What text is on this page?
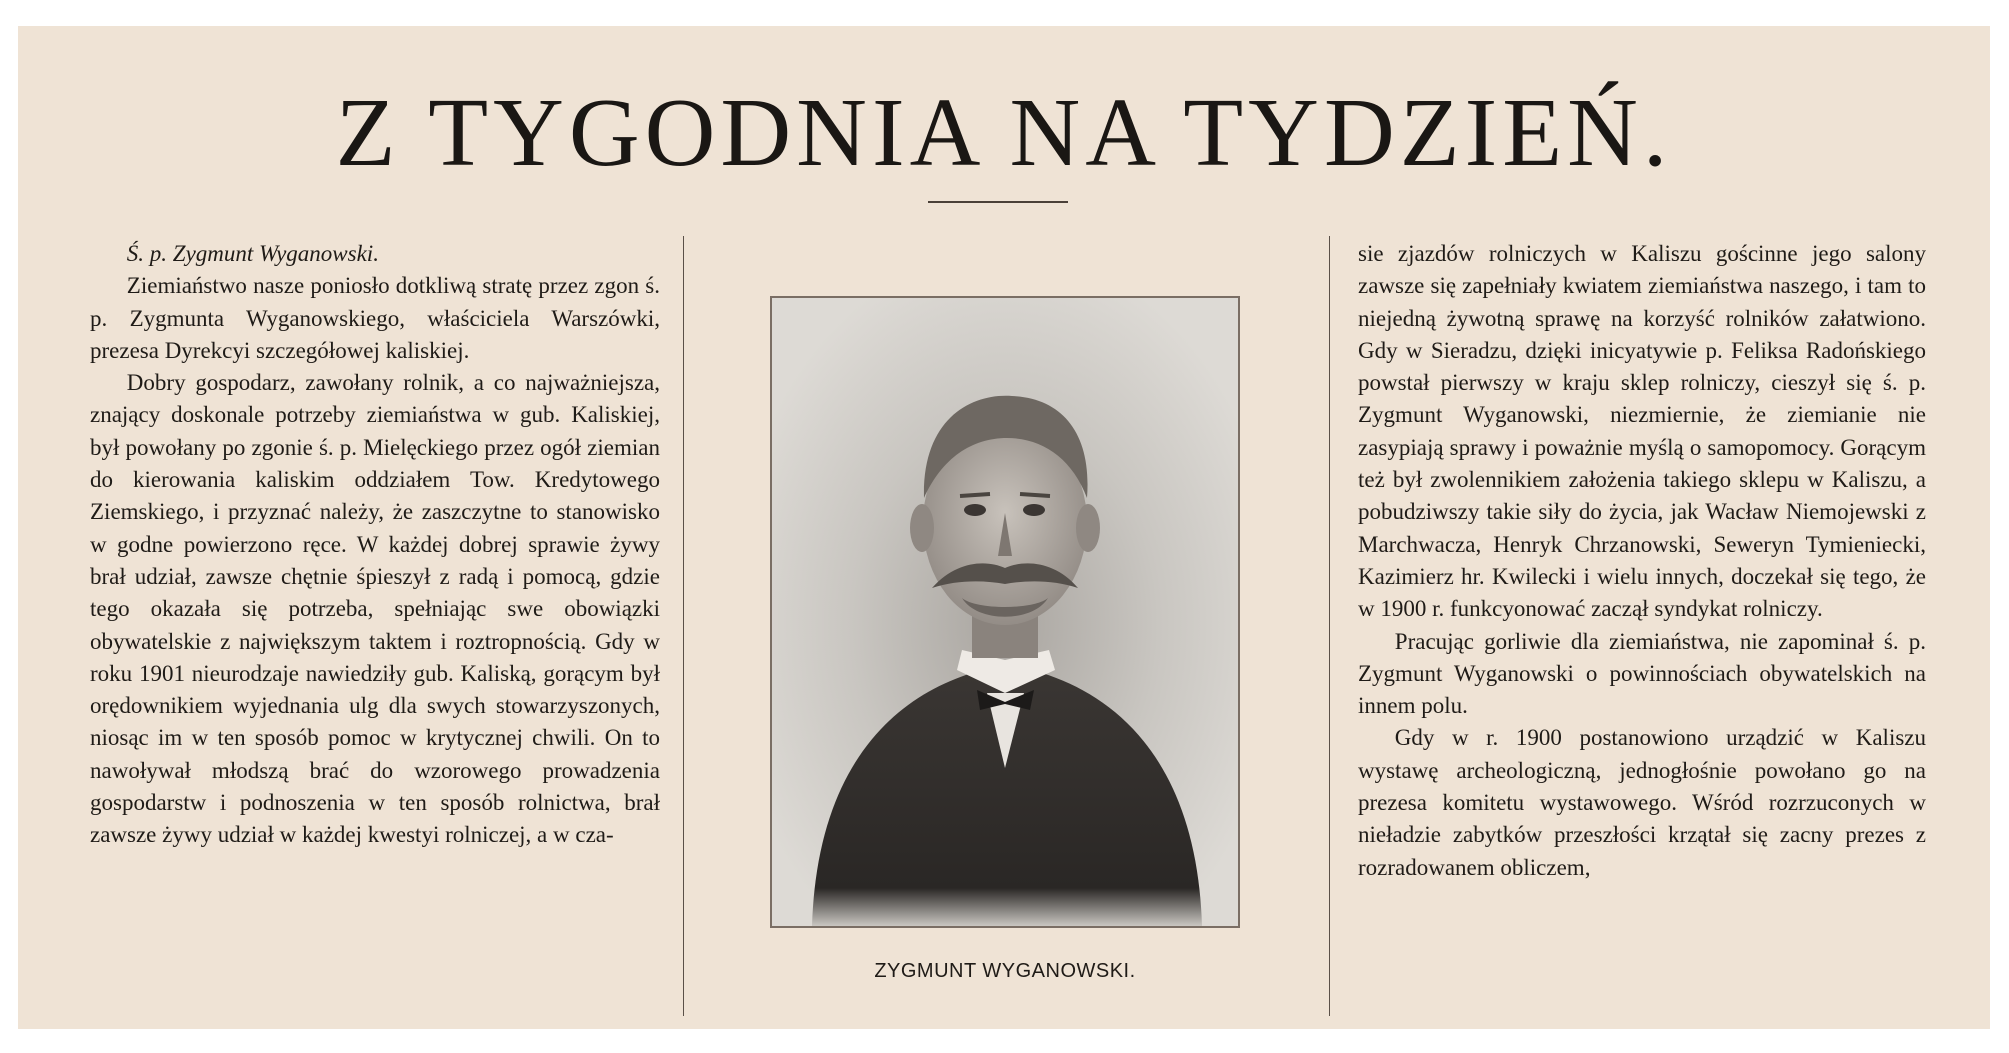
Z TYGODNIA NA TYDZIEŃ.

Ś. p. Zygmunt Wyganowski.

Ziemiaństwo nasze poniosło dotkliwą stratę przez zgon ś. p. Zygmunta Wyganowskiego, właściciela Warszówki, prezesa Dyrekcyi szczegółowej kaliskiej.

Dobry gospodarz, zawołany rolnik, a co najważniejsza, znający doskonale potrzeby ziemiaństwa w gub. Kaliskiej, był powołany po zgonie ś. p. Mielęckiego przez ogół ziemian do kierowania kaliskim oddziałem Tow. Kredytowego Ziemskiego, i przyznać należy, że zaszczytne to stanowisko w godne powierzono ręce. W każdej dobrej sprawie żywy brał udział, zawsze chętnie śpieszył z radą i pomocą, gdzie tego okazała się potrzeba, spełniając swe obowiązki obywatelskie z największym taktem i roztropnością. Gdy w roku 1901 nieurodzaje nawiedziły gub. Kaliską, gorącym był orędownikiem wyjednania ulg dla swych stowarzyszonych, niosąc im w ten sposób pomoc w krytycznej chwili. On to nawoływał młodszą brać do wzorowego prowadzenia gospodarstw i podnoszenia w ten sposób rolnictwa, brał zawsze żywy udział w każdej kwestyi rolniczej, a w cza-

ZYGMUNT WYGANOWSKI.

sie zjazdów rolniczych w Kaliszu gościnne jego salony zawsze się zapełniały kwiatem ziemiaństwa naszego, i tam to niejedną żywotną sprawę na korzyść rolników załatwiono. Gdy w Sieradzu, dzięki inicyatywie p. Feliksa Radońskiego powstał pierwszy w kraju sklep rolniczy, cieszył się ś. p. Zygmunt Wyganowski, niezmiernie, że ziemianie nie zasypiają sprawy i poważnie myślą o samopomocy. Gorącym też był zwolennikiem założenia takiego sklepu w Kaliszu, a pobudziwszy takie siły do życia, jak Wacław Niemojewski z Marchwacza, Henryk Chrzanowski, Seweryn Tymieniecki, Kazimierz hr. Kwilecki i wielu innych, doczekał się tego, że w 1900 r. funkcyonować zaczął syndykat rolniczy.

Pracując gorliwie dla ziemiaństwa, nie zapominał ś. p. Zygmunt Wyganowski o powinnościach obywatelskich na innem polu.

Gdy w r. 1900 postanowiono urządzić w Kaliszu wystawę archeologiczną, jednogłośnie powołano go na prezesa komitetu wystawowego. Wśród rozrzuconych w nieładzie zabytków przeszłości krzątał się zacny prezes z rozradowanem obliczem,
